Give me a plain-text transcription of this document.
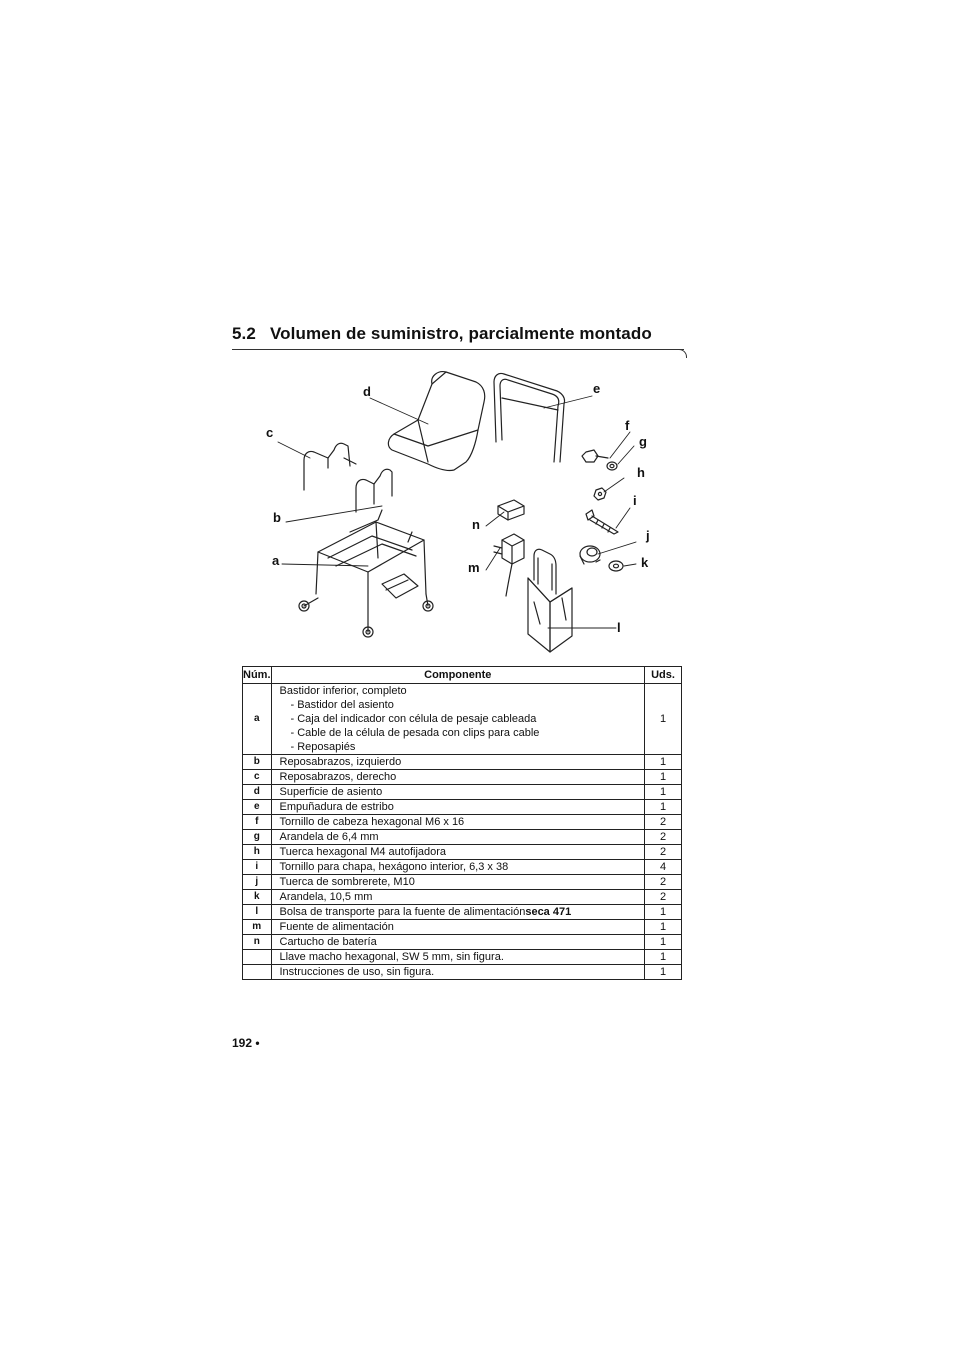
5.2 Volumen de suministro, parcialmente montado
d	e
c	f
g
h
i
b	n
j
a	k
m
l
Núm.	Componente	Uds.
a	Bastidor inferior, completo
- Bastidor del asiento
- Caja del indicador con célula de pesaje cableada
- Cable de la célula de pesada con clips para cable
- Reposapiés	1
b	Reposabrazos, izquierdo	1
c	Reposabrazos, derecho	1
d	Superficie de asiento	1
e	Empuñadura de estribo	1
f	Tornillo de cabeza hexagonal M6 x 16	2
g	Arandela de 6,4 mm	2
h	Tuerca hexagonal M4 autofijadora	2
i	Tornillo para chapa, hexágono interior, 6,3 x 38	4
j	Tuerca de sombrerete, M10	2
k	Arandela, 10,5 mm	2
l	Bolsa de transporte para la fuente de alimentaciónseca 471	1
m	Fuente de alimentación	1
n	Cartucho de batería	1
	Llave macho hexagonal, SW 5 mm, sin figura.	1
	Instrucciones de uso, sin figura.	1
192 •
